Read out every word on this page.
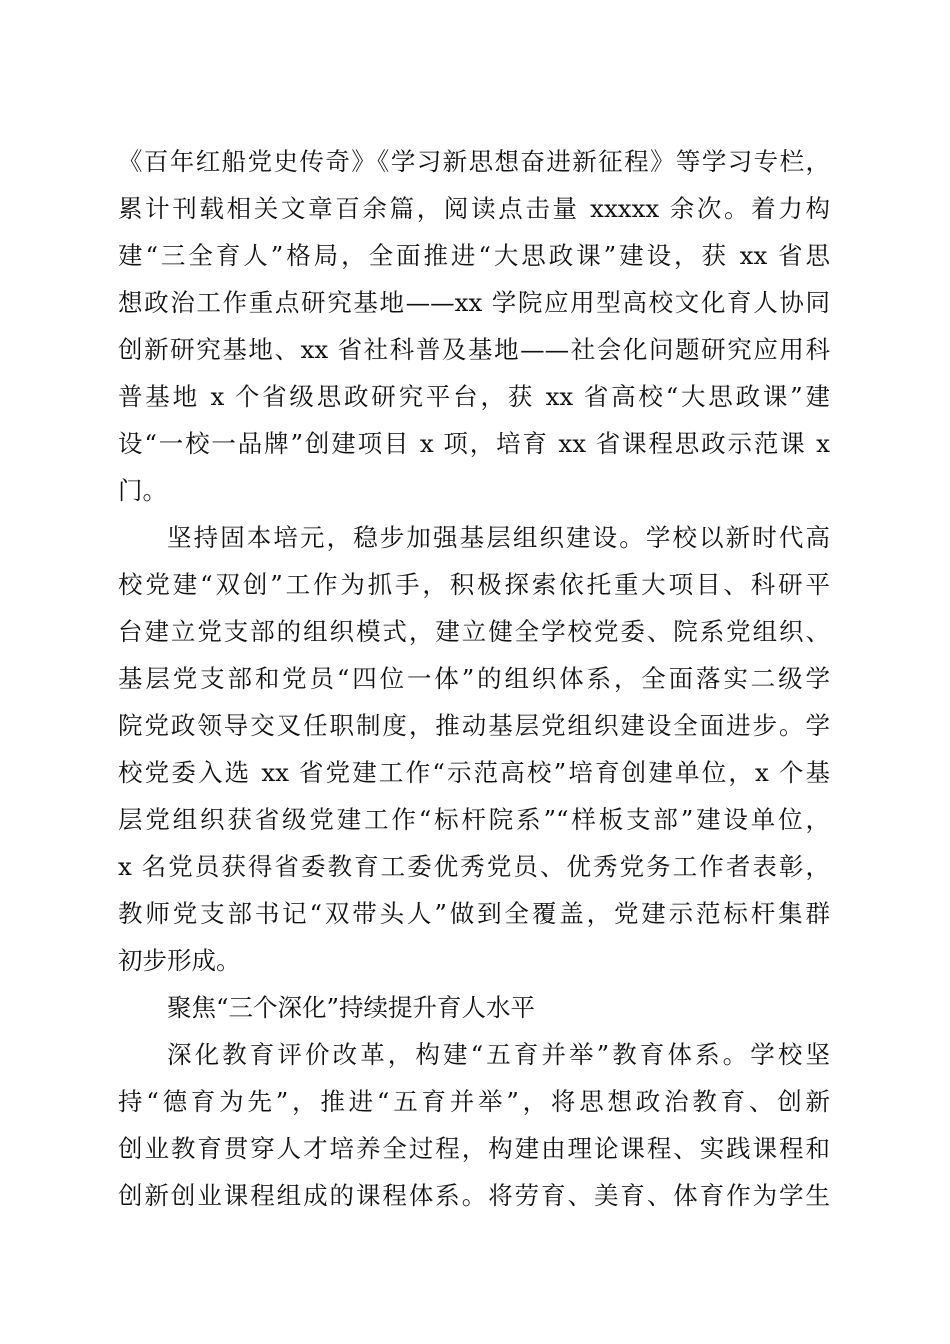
《百年红船党史传奇》《学习新思想奋进新征程》等学习专栏，
累计刊载相关文章百余篇，阅读点击量 xxxxx 余次。着力构
建“三全育人”格局，全面推进“大思政课”建设，获 xx 省思
想政治工作重点研究基地——xx 学院应用型高校文化育人协同
创新研究基地、xx 省社科普及基地——社会化问题研究应用科
普基地 x 个省级思政研究平台，获 xx 省高校“大思政课”建
设“一校一品牌”创建项目 x 项，培育 xx 省课程思政示范课 x
门。
坚持固本培元，稳步加强基层组织建设。学校以新时代高
校党建“双创”工作为抓手，积极探索依托重大项目、科研平
台建立党支部的组织模式，建立健全学校党委、院系党组织、
基层党支部和党员“四位一体”的组织体系，全面落实二级学
院党政领导交叉任职制度，推动基层党组织建设全面进步。学
校党委入选 xx 省党建工作“示范高校”培育创建单位，x 个基
层党组织获省级党建工作“标杆院系”“样板支部”建设单位，
x 名党员获得省委教育工委优秀党员、优秀党务工作者表彰，
教师党支部书记“双带头人”做到全覆盖，党建示范标杆集群
初步形成。
聚焦“三个深化”持续提升育人水平
深化教育评价改革，构建“五育并举”教育体系。学校坚
持“德育为先”，推进“五育并举”，将思想政治教育、创新
创业教育贯穿人才培养全过程，构建由理论课程、实践课程和
创新创业课程组成的课程体系。将劳育、美育、体育作为学生
